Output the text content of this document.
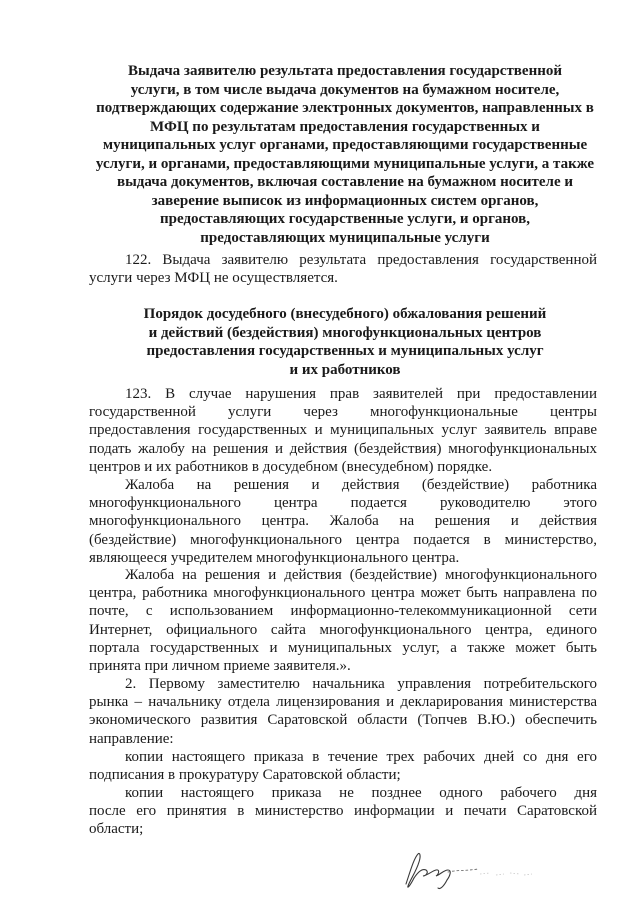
Выдача заявителю результата предоставления государственной
услуги, в том числе выдача документов на бумажном носителе,
подтверждающих содержание электронных документов, направленных в
МФЦ по результатам предоставления государственных и
муниципальных услуг органами, предоставляющими государственные
услуги, и органами, предоставляющими муниципальные услуги, а также
выдача документов, включая составление на бумажном носителе и
заверение выписок из информационных систем органов,
предоставляющих государственные услуги, и органов,
предоставляющих муниципальные услуги
122. Выдача заявителю результата предоставления государственной
услуги через МФЦ не осуществляется.
Порядок досудебного (внесудебного) обжалования решений
и действий (бездействия) многофункциональных центров
предоставления государственных и муниципальных услуг
и их работников
123. В случае нарушения прав заявителей при предоставлении
государственной услуги через многофункциональные центры
предоставления государственных и муниципальных услуг заявитель вправе
подать жалобу на решения и действия (бездействия) многофункциональных
центров и их работников в досудебном (внесудебном) порядке.
Жалоба на решения и действия (бездействие) работника
многофункционального центра подается руководителю этого
многофункционального центра. Жалоба на решения и действия
(бездействие) многофункционального центра подается в министерство,
являющееся учредителем многофункционального центра.
Жалоба на решения и действия (бездействие) многофункционального
центра, работника многофункционального центра может быть направлена по
почте, с использованием информационно-телекоммуникационной сети
Интернет, официального сайта многофункционального центра, единого
портала государственных и муниципальных услуг, а также может быть
принята при личном приеме заявителя.».
2. Первому заместителю начальника управления потребительского
рынка – начальнику отдела лицензирования и декларирования министерства
экономического развития Саратовской области (Топчев В.Ю.) обеспечить
направление:
копии настоящего приказа в течение трех рабочих дней со дня его
подписания в прокуратуру Саратовской области;
копии настоящего приказа не позднее одного рабочего дня
после его принятия в министерство информации и печати Саратовской
области;
